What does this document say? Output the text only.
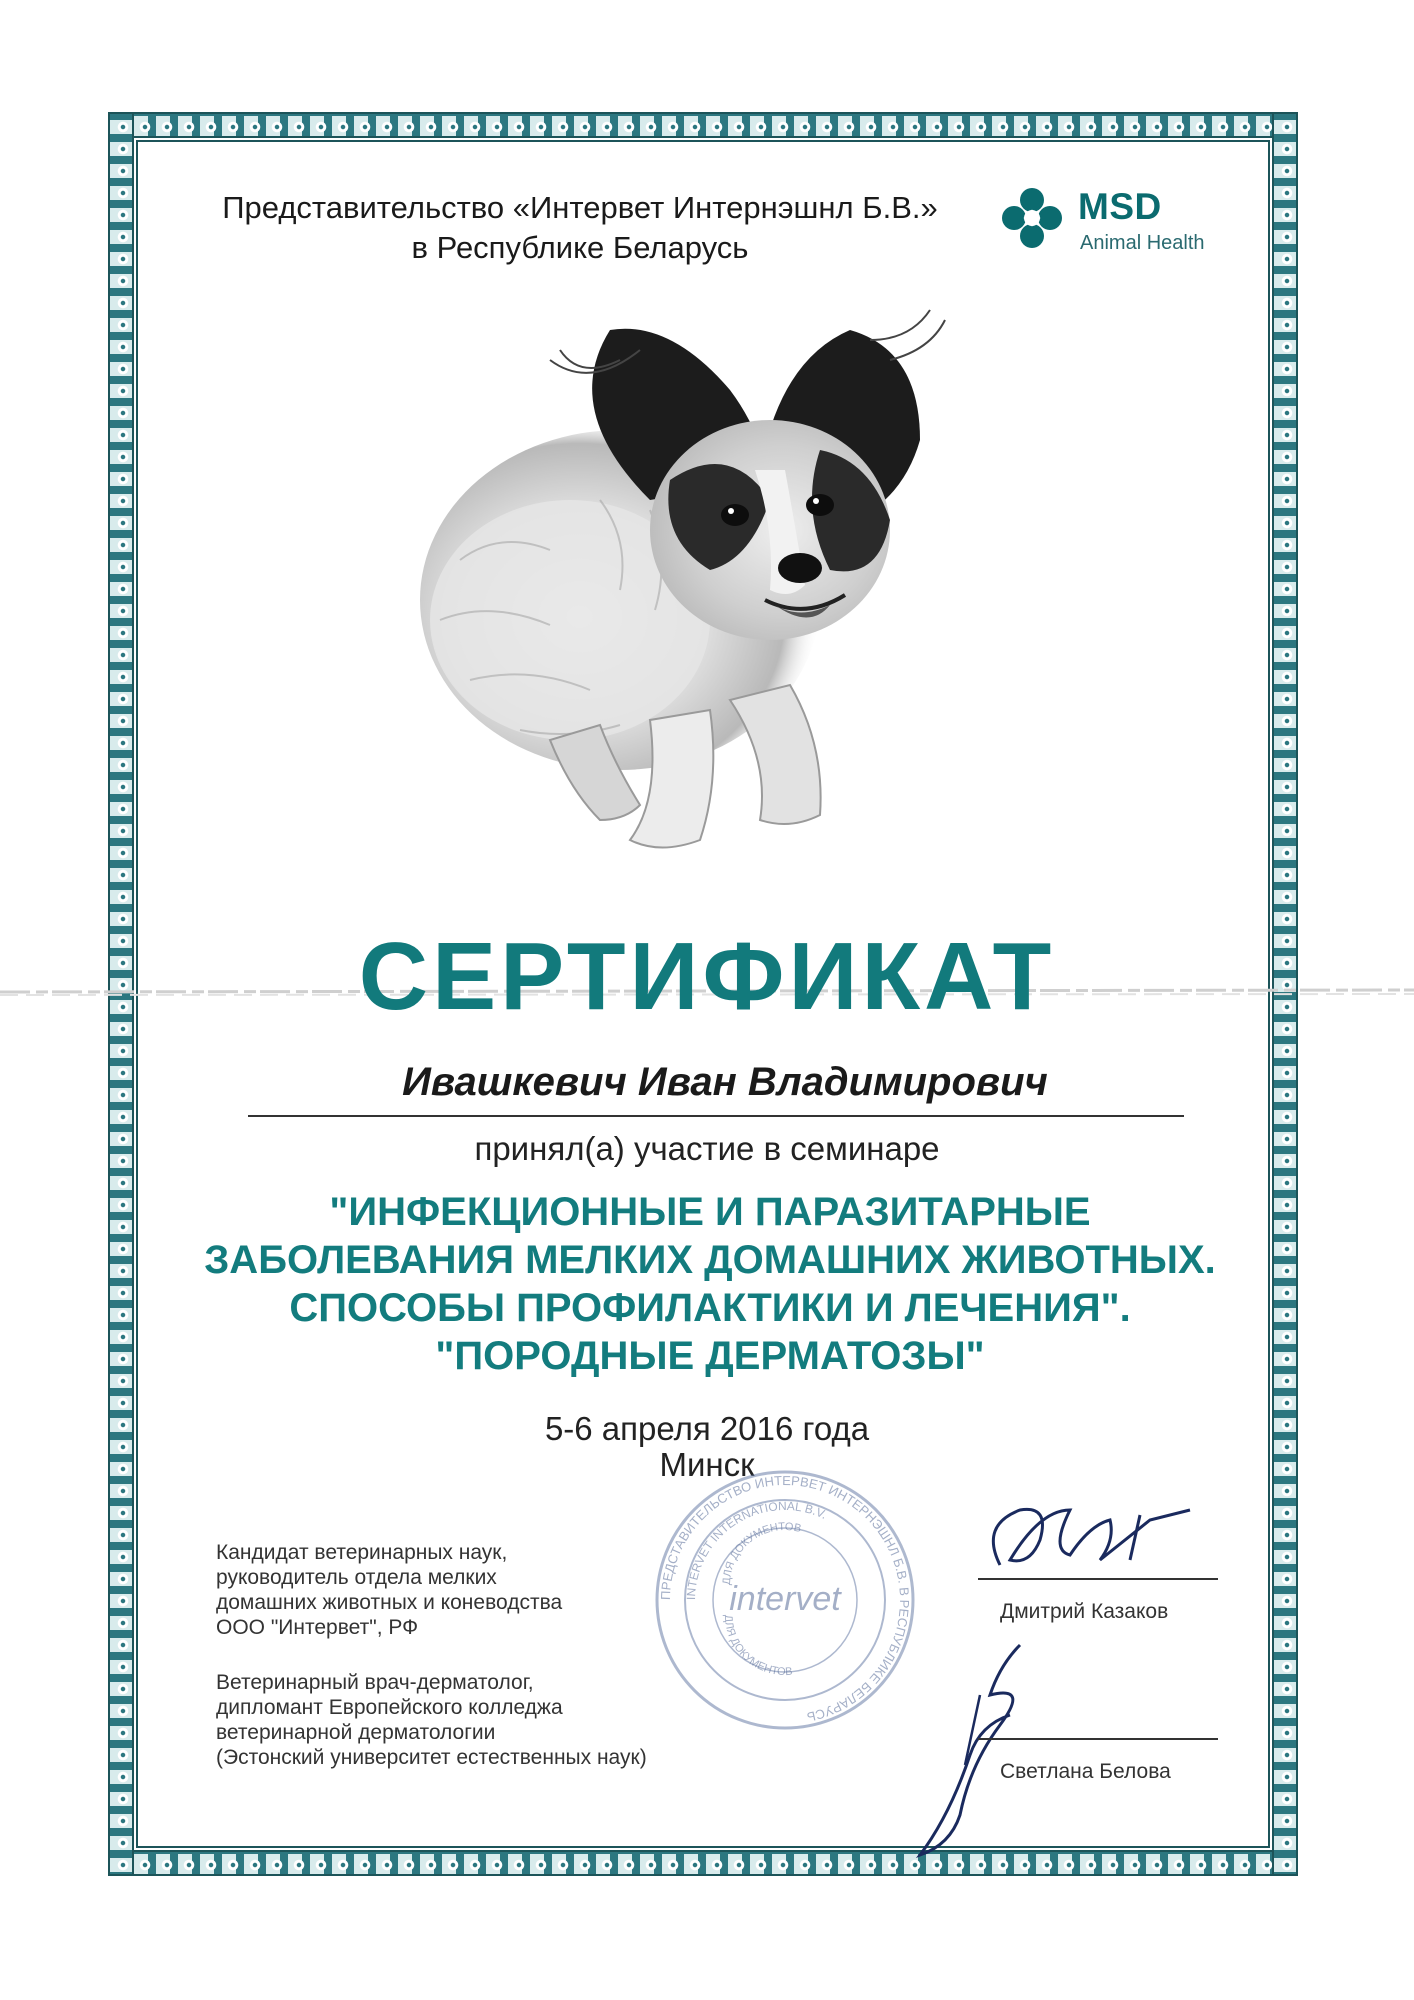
Представительство «Интервет Интернэшнл Б.В.»
в Республике Беларусь
MSD
Animal Health
СЕРТИФИКАТ
Ивашкевич Иван Владимирович
принял(а) участие в семинаре
"ИНФЕКЦИОННЫЕ И ПАРАЗИТАРНЫЕ
ЗАБОЛЕВАНИЯ МЕЛКИХ ДОМАШНИХ ЖИВОТНЫХ.
СПОСОБЫ ПРОФИЛАКТИКИ И ЛЕЧЕНИЯ".
"ПОРОДНЫЕ ДЕРМАТОЗЫ"
5-6 апреля 2016 года
Минск
ПРЕДСТАВИТЕЛЬСТВО ИНТЕРВЕТ ИНТЕРНЭШНЛ Б.В. В РЕСПУБЛИКЕ БЕЛАРУСЬ
INTERVET INTERNATIONAL B.V.
ДЛЯ ДОКУМЕНТОВ
ДЛЯ ДОКУМЕНТОВ
intervet
Кандидат ветеринарных наук,
руководитель отдела мелких
домашних животных и коневодства
ООО "Интервет", РФ
Ветеринарный врач-дерматолог,
дипломант Европейского колледжа
ветеринарной дерматологии
(Эстонский университет естественных наук)
Дмитрий Казаков
Светлана Белова
